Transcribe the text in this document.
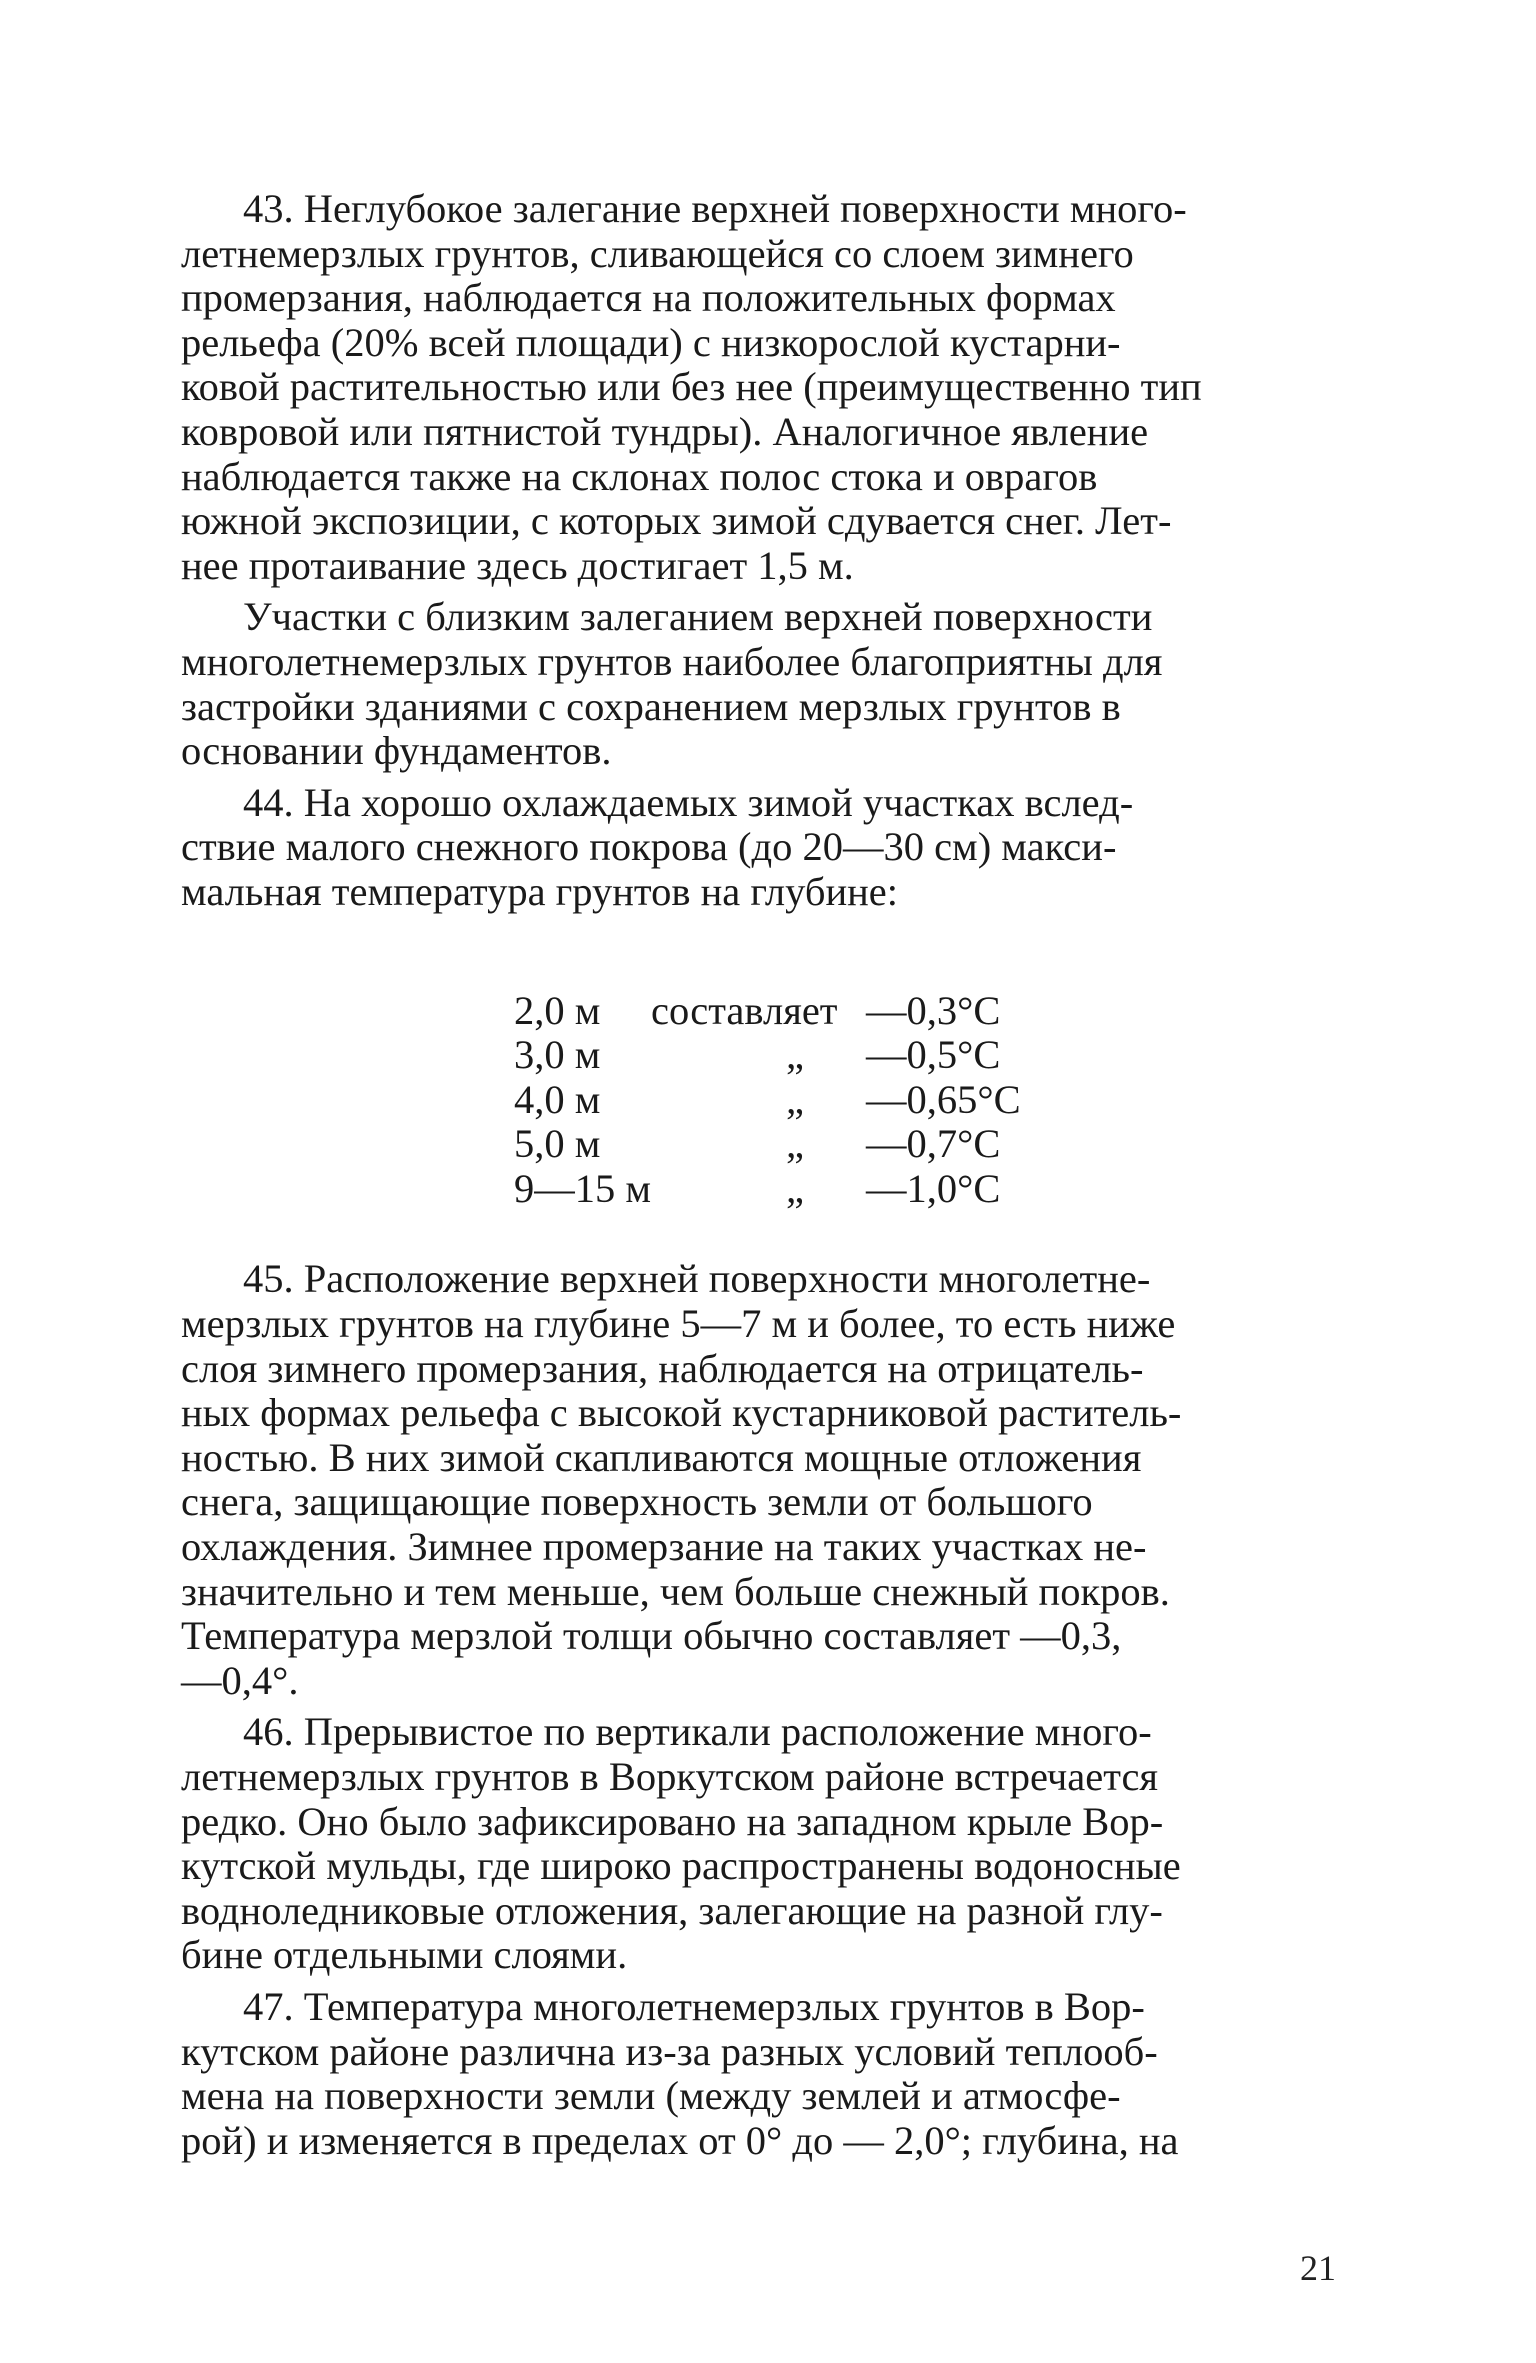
43. Неглубокое залегание верхней поверхности много-
летнемерзлых грунтов, сливающейся со слоем зимнего
промерзания, наблюдается на положительных формах
рельефа (20% всей площади) с низкорослой кустарни-
ковой растительностью или без нее (преимущественно тип
ковровой или пятнистой тундры). Аналогичное явление
наблюдается также на склонах полос стока и оврагов
южной экспозиции, с которых зимой сдувается снег. Лет-
нее протаивание здесь достигает 1,5 м.
Участки с близким залеганием верхней поверхности
многолетнемерзлых грунтов наиболее благоприятны для
застройки зданиями с сохранением мерзлых грунтов в
основании фундаментов.
44. На хорошо охлаждаемых зимой участках вслед-
ствие малого снежного покрова (до 20—30 см) макси-
мальная температура грунтов на глубине:
2,0 м	составляет	—0,3°С
3,0 м	„	—0,5°С
4,0 м	„	—0,65°С
5,0 м	„	—0,7°С
9—15 м	„	—1,0°С
45. Расположение верхней поверхности многолетне-
мерзлых грунтов на глубине 5—7 м и более, то есть ниже
слоя зимнего промерзания, наблюдается на отрицатель-
ных формах рельефа с высокой кустарниковой раститель-
ностью. В них зимой скапливаются мощные отложения
снега, защищающие поверхность земли от большого
охлаждения. Зимнее промерзание на таких участках не-
значительно и тем меньше, чем больше снежный покров.
Температура мерзлой толщи обычно составляет —0,3,
—0,4°.
46. Прерывистое по вертикали расположение много-
летнемерзлых грунтов в Воркутском районе встречается
редко. Оно было зафиксировано на западном крыле Вор-
кутской мульды, где широко распространены водоносные
водноледниковые отложения, залегающие на разной глу-
бине отдельными слоями.
47. Температура многолетнемерзлых грунтов в Вор-
кутском районе различна из-за разных условий теплооб-
мена на поверхности земли (между землей и атмосфе-
рой) и изменяется в пределах от 0° до — 2,0°; глубина, на
21
